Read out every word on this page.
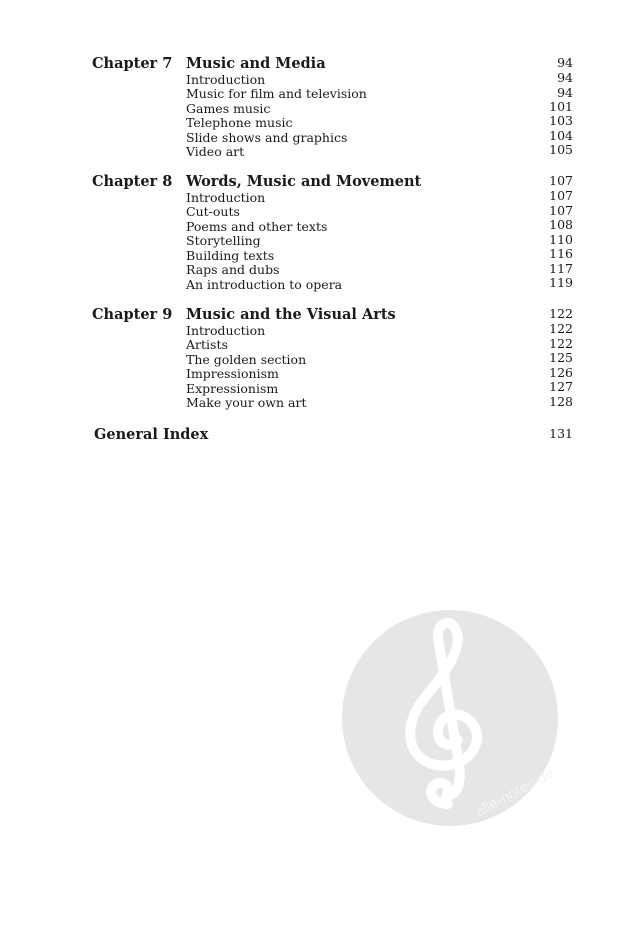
Chapter 7 Music and Media	94
Introduction	94
Music for film and television	94
Games music	101
Telephone music	103
Slide shows and graphics	104
Video art	105
Chapter 8 Words, Music and Movement	107
Introduction	107
Cut-outs	107
Poems and other texts	108
Storytelling	110
Building texts	116
Raps and dubs	117
An introduction to opera	119
Chapter 9 Music and the Visual Arts	122
Introduction	122
Artists	122
The golden section	125
Impressionism	126
Expressionism	127
Make your own art	128
General Index	131
alle-noten.de
